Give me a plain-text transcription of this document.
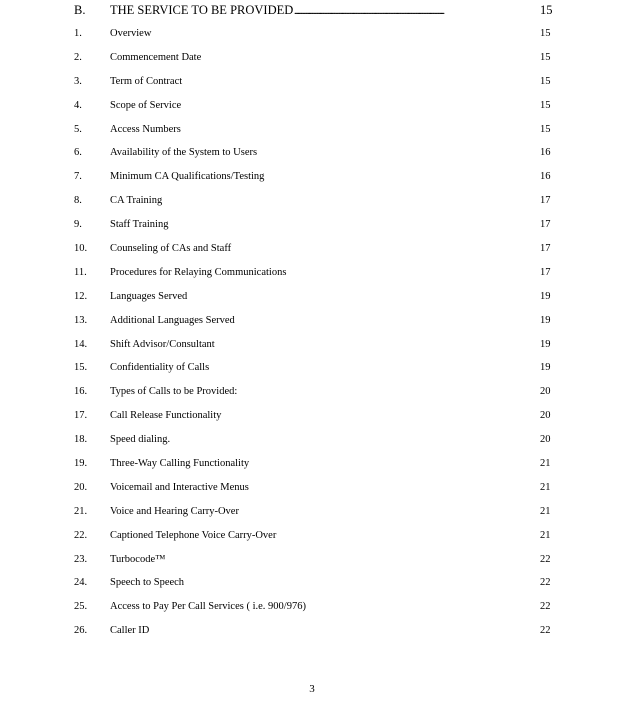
B. THE SERVICE TO BE PROVIDED . . .	15
1.	Overview	15
2.	Commencement Date	15
3.	Term of Contract	15
4.	Scope of Service	15
5.	Access Numbers	15
6.	Availability of the System to Users	16
7.	Minimum CA Qualifications/Testing	16
8.	CA Training	17
9.	Staff Training	17
10. Counseling of CAs and Staff	17
11. Procedures for Relaying Communications	17
12. Languages Served	19
13. Additional Languages Served	19
14. Shift Advisor/Consultant	19
15. Confidentiality of Calls	19
16. Types of Calls to be Provided:	20
17. Call Release Functionality	20
18. Speed dialing.	20
19. Three-Way Calling Functionality	21
20. Voicemail and Interactive Menus	21
21. Voice and Hearing Carry-Over	21
22. Captioned Telephone Voice Carry-Over	21
23. Turbocode™	22
24. Speech to Speech	22
25. Access to Pay Per Call Services ( i.e. 900/976)	22
26. Caller ID	22
3
